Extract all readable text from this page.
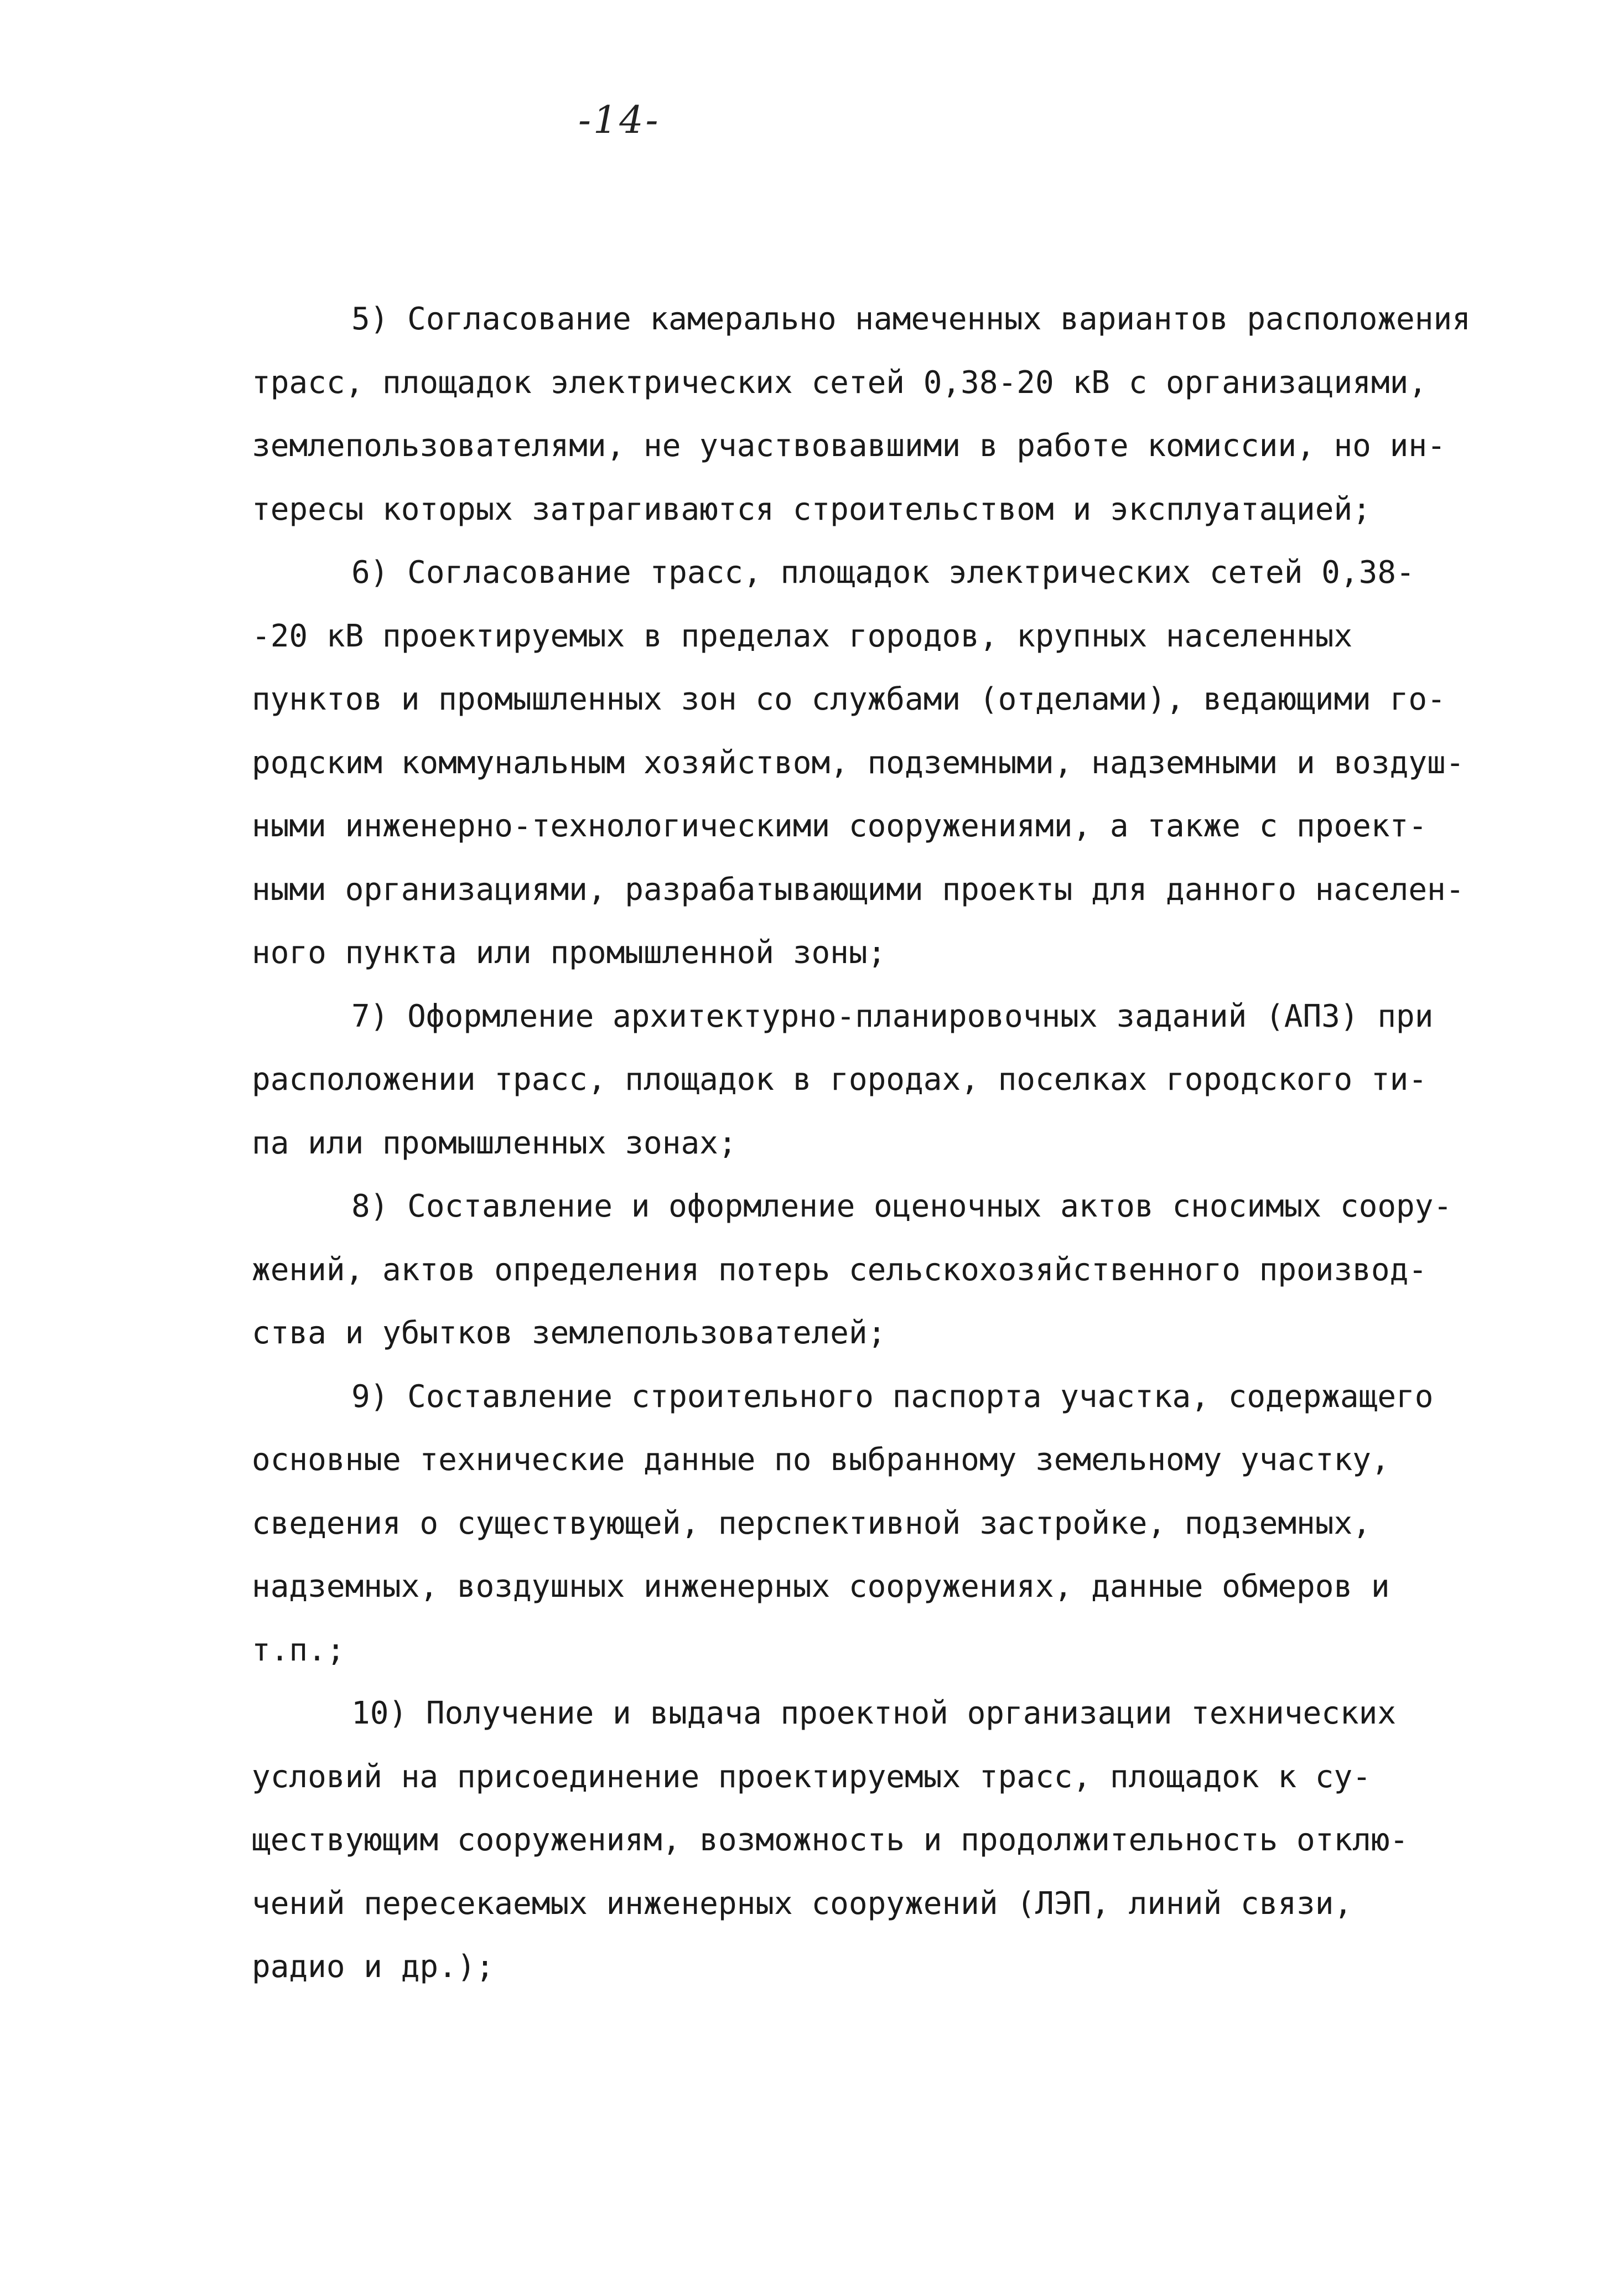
-14-

5) Согласование камерально намеченных вариантов расположения
трасс, площадок электрических сетей 0,38-20 кВ с организациями,
землепользователями, не участвовавшими в работе комиссии, но ин-
тересы которых затрагиваются строительством и эксплуатацией;

6) Согласование трасс, площадок электрических сетей 0,38-
-20 кВ проектируемых в пределах городов, крупных населенных
пунктов и промышленных зон со службами (отделами), ведающими го-
родским коммунальным хозяйством, подземными, надземными и воздуш-
ными инженерно-технологическими сооружениями, а также с проект-
ными организациями, разрабатывающими проекты для данного населен-
ного пункта или промышленной зоны;

7) Оформление архитектурно-планировочных заданий (АПЗ) при
расположении трасс, площадок в городах, поселках городского ти-
па или промышленных зонах;

8) Составление и оформление оценочных актов сносимых соору-
жений, актов определения потерь сельскохозяйственного производ-
ства и убытков землепользователей;

9) Составление строительного паспорта участка, содержащего
основные технические данные по выбранному земельному участку,
сведения о существующей, перспективной застройке, подземных,
надземных, воздушных инженерных сооружениях, данные обмеров и
т.п.;

10) Получение и выдача проектной организации технических
условий на присоединение проектируемых трасс, площадок к су-
ществующим сооружениям, возможность и продолжительность отклю-
чений пересекаемых инженерных сооружений (ЛЭП, линий связи,
радио и др.);
